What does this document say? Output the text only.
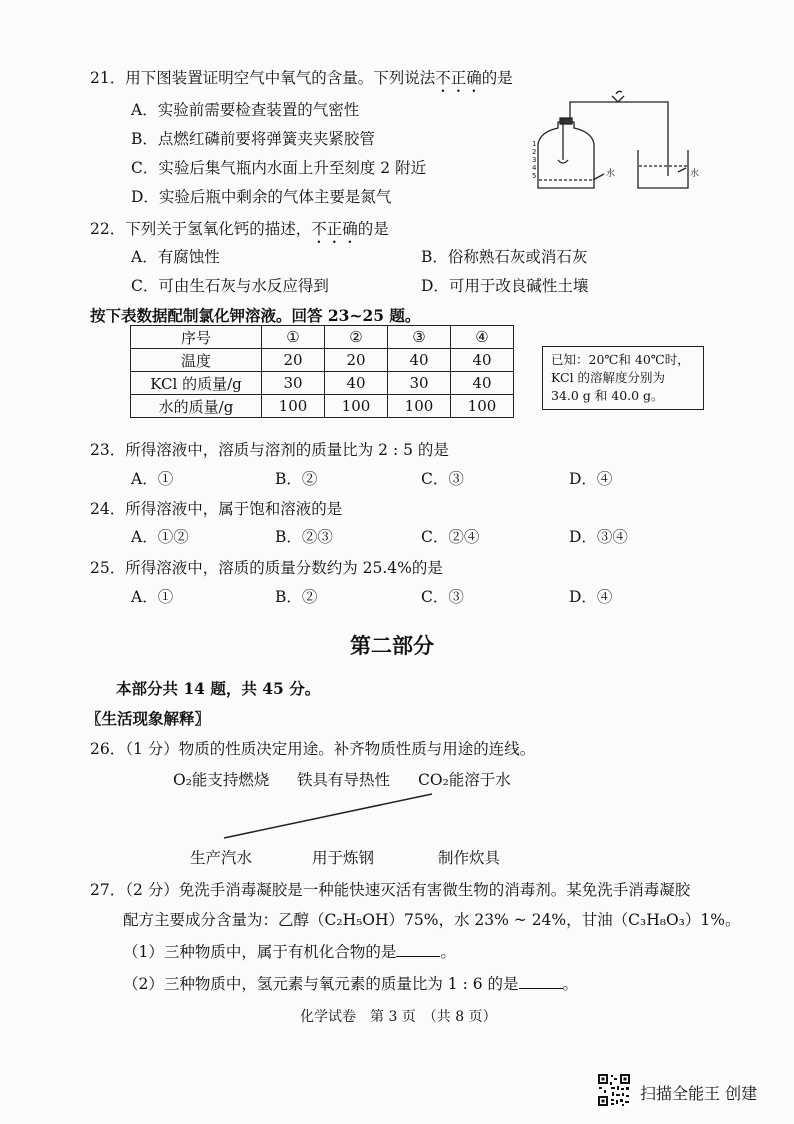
21．用下图装置证明空气中氧气的含量。下列说法不正确的是
A．实验前需要检查装置的气密性
B．点燃红磷前要将弹簧夹夹紧胶管
C．实验后集气瓶内水面上升至刻度 2 附近
D．实验后瓶中剩余的气体主要是氮气
1
2
3
4
5	水	水
22．下列关于氢氧化钙的描述，不正确的是
A．有腐蚀性	B．俗称熟石灰或消石灰
C．可由生石灰与水反应得到	D．可用于改良碱性土壤
按下表数据配制氯化钾溶液。回答 23~25 题。
序号	①	②	③	④
温度	20	20	40	40
KCl 的质量/g	30	40	30	40
水的质量/g	100	100	100	100
已知：20℃和 40℃时，
KCl 的溶解度分别为
34.0 g 和 40.0 g。
23．所得溶液中，溶质与溶剂的质量比为 2 : 5 的是
A．①	B．②	C．③	D．④
24．所得溶液中，属于饱和溶液的是
A．①②	B．②③	C．②④	D．③④
25．所得溶液中，溶质的质量分数约为 25.4%的是
A．①	B．②	C．③	D．④
第二部分
本部分共 14 题，共 45 分。
〖生活现象解释〗
26．（1 分）物质的性质决定用途。补齐物质性质与用途的连线。
O₂能支持燃烧 铁具有导热性 CO₂能溶于水
生产汽水	用于炼钢	制作炊具
27．（2 分）免洗手消毒凝胶是一种能快速灭活有害微生物的消毒剂。某免洗手消毒凝胶
配方主要成分含量为：乙醇（C₂H₅OH）75%，水 23% ~ 24%，甘油（C₃H₈O₃）1%。
（1）三种物质中，属于有机化合物的是	。
（2）三种物质中，氢元素与氧元素的质量比为 1 : 6 的是	。
化学试卷　第 3 页　（共 8 页）
扫描全能王 创建
